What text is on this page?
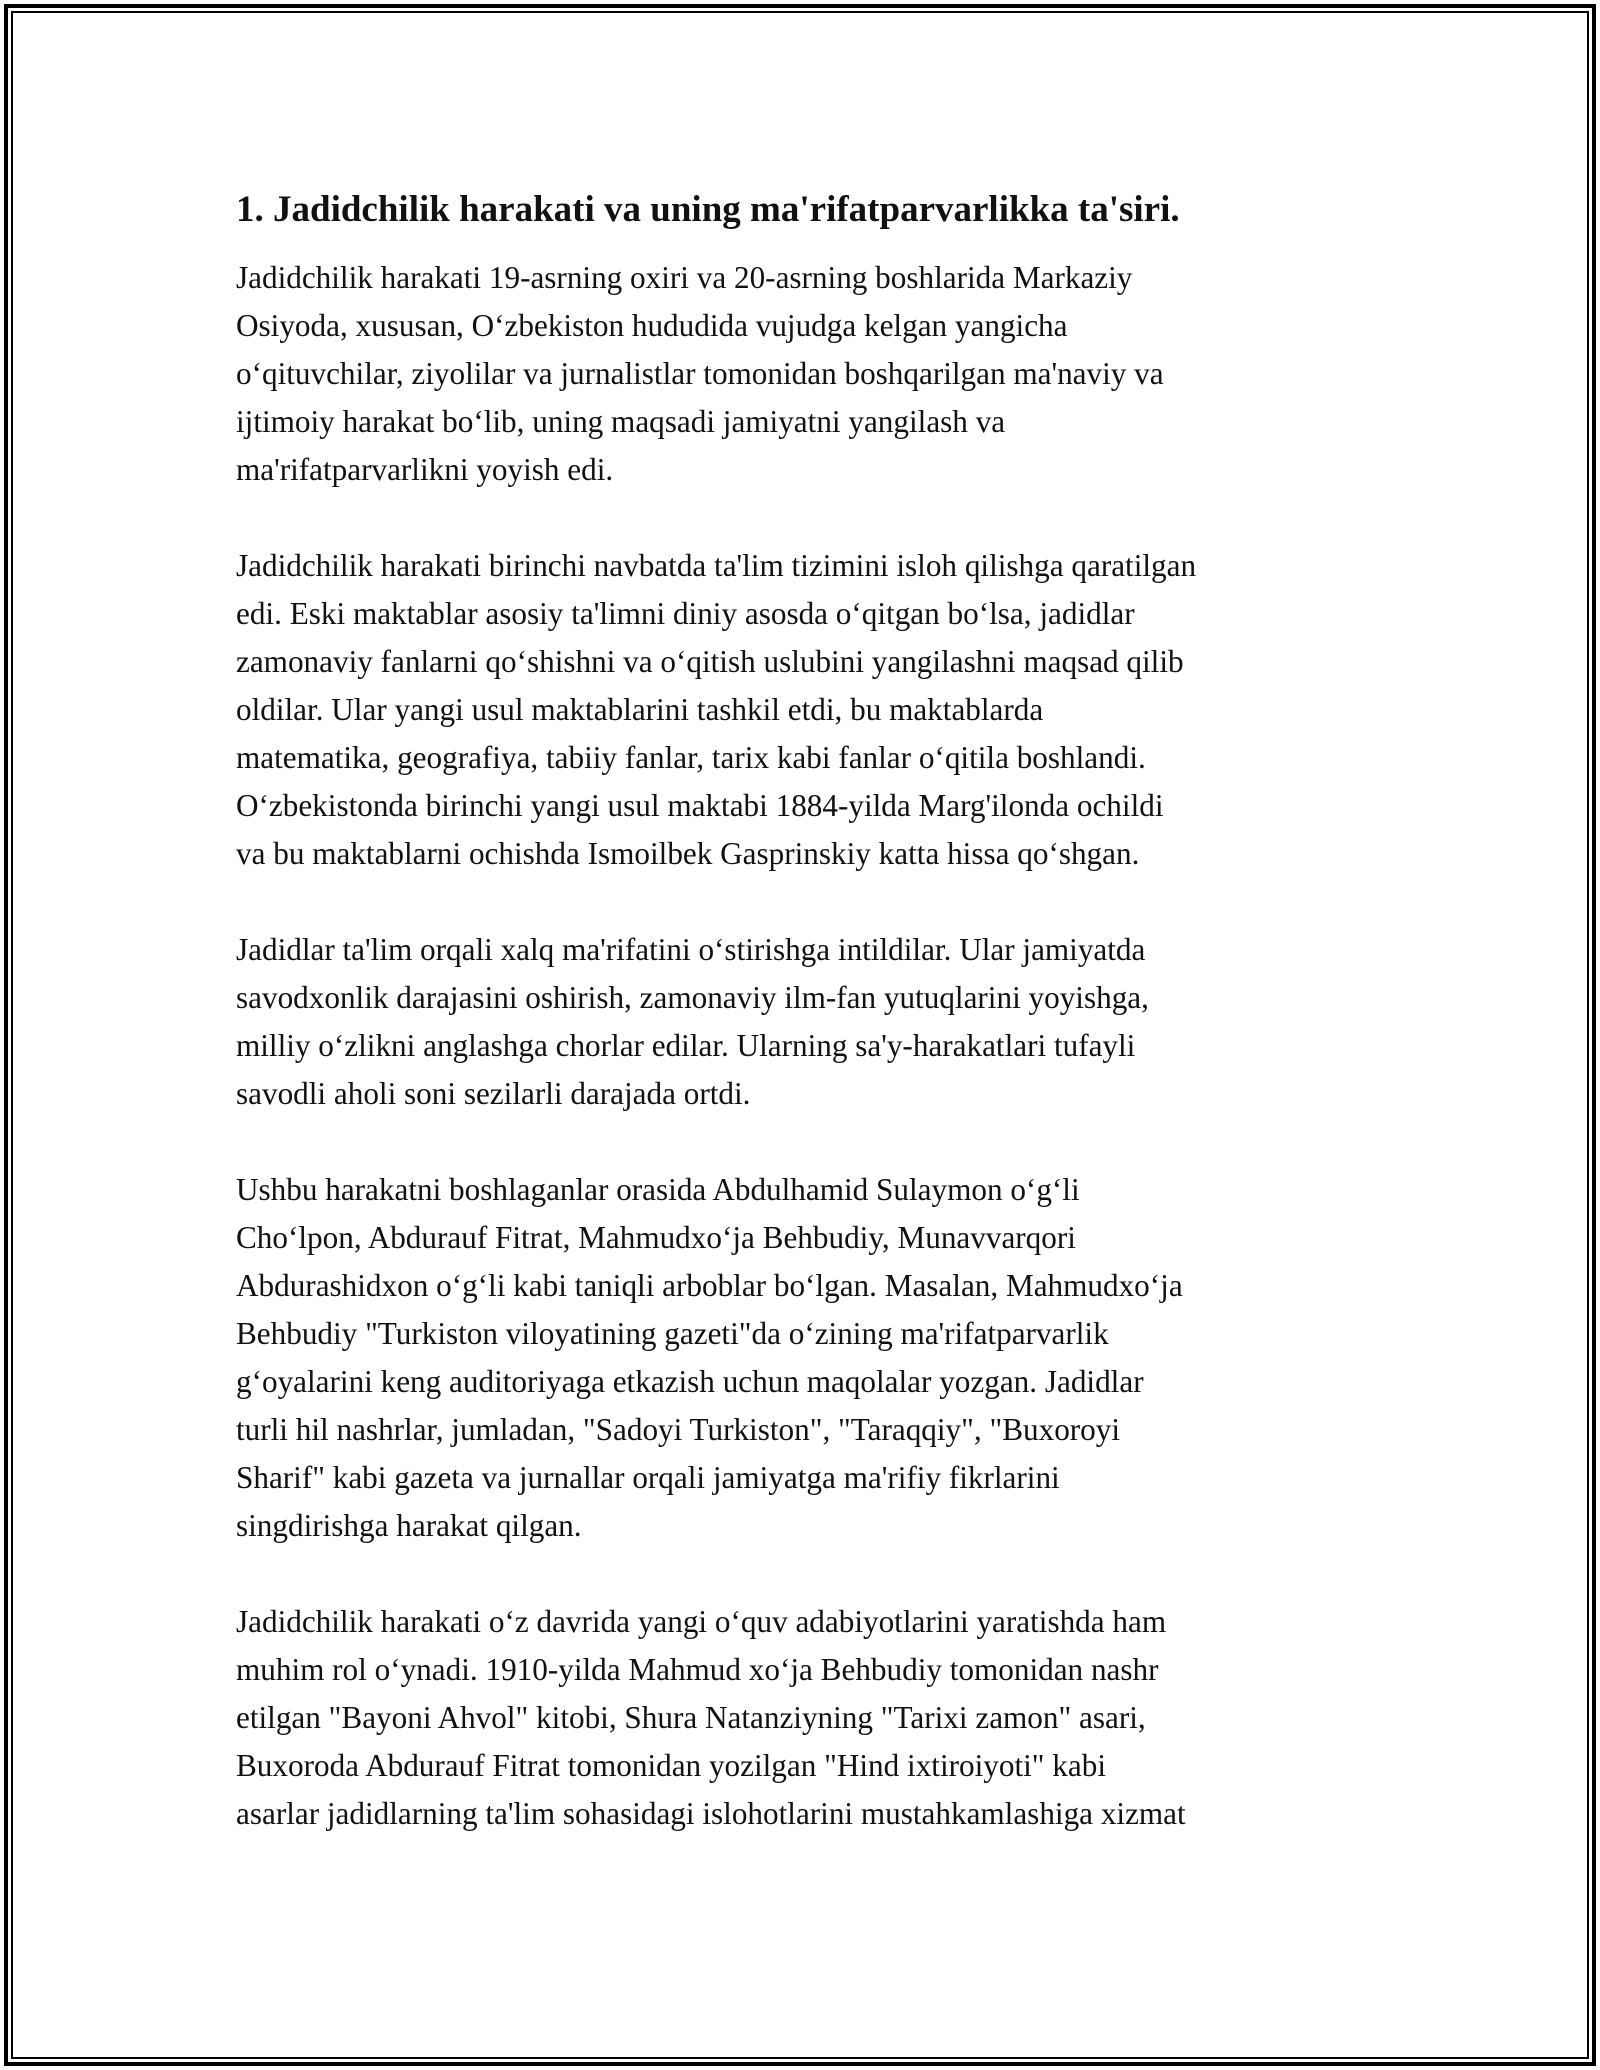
1. Jadidchilik harakati va uning ma'rifatparvarlikka ta'siri.
Jadidchilik harakati 19-asrning oxiri va 20-asrning boshlarida Markaziy
Osiyoda, xususan, O‘zbekiston hududida vujudga kelgan yangicha
o‘qituvchilar, ziyolilar va jurnalistlar tomonidan boshqarilgan ma'naviy va
ijtimoiy harakat bo‘lib, uning maqsadi jamiyatni yangilash va
ma'rifatparvarlikni yoyish edi.
Jadidchilik harakati birinchi navbatda ta'lim tizimini isloh qilishga qaratilgan
edi. Eski maktablar asosiy ta'limni diniy asosda o‘qitgan bo‘lsa, jadidlar
zamonaviy fanlarni qo‘shishni va o‘qitish uslubini yangilashni maqsad qilib
oldilar. Ular yangi usul maktablarini tashkil etdi, bu maktablarda
matematika, geografiya, tabiiy fanlar, tarix kabi fanlar o‘qitila boshlandi.
O‘zbekistonda birinchi yangi usul maktabi 1884-yilda Marg'ilonda ochildi
va bu maktablarni ochishda Ismoilbek Gasprinskiy katta hissa qo‘shgan.
Jadidlar ta'lim orqali xalq ma'rifatini o‘stirishga intildilar. Ular jamiyatda
savodxonlik darajasini oshirish, zamonaviy ilm-fan yutuqlarini yoyishga,
milliy o‘zlikni anglashga chorlar edilar. Ularning sa'y-harakatlari tufayli
savodli aholi soni sezilarli darajada ortdi.
Ushbu harakatni boshlaganlar orasida Abdulhamid Sulaymon o‘g‘li
Cho‘lpon, Abdurauf Fitrat, Mahmudxo‘ja Behbudiy, Munavvarqori
Abdurashidxon o‘g‘li kabi taniqli arboblar bo‘lgan. Masalan, Mahmudxo‘ja
Behbudiy "Turkiston viloyatining gazeti"da o‘zining ma'rifatparvarlik
g‘oyalarini keng auditoriyaga etkazish uchun maqolalar yozgan. Jadidlar
turli hil nashrlar, jumladan, "Sadoyi Turkiston", "Taraqqiy", "Buxoroyi
Sharif" kabi gazeta va jurnallar orqali jamiyatga ma'rifiy fikrlarini
singdirishga harakat qilgan.
Jadidchilik harakati o‘z davrida yangi o‘quv adabiyotlarini yaratishda ham
muhim rol o‘ynadi. 1910-yilda Mahmud xo‘ja Behbudiy tomonidan nashr
etilgan "Bayoni Ahvol" kitobi, Shura Natanziyning "Tarixi zamon" asari,
Buxoroda Abdurauf Fitrat tomonidan yozilgan "Hind ixtiroiyoti" kabi
asarlar jadidlarning ta'lim sohasidagi islohotlarini mustahkamlashiga xizmat
